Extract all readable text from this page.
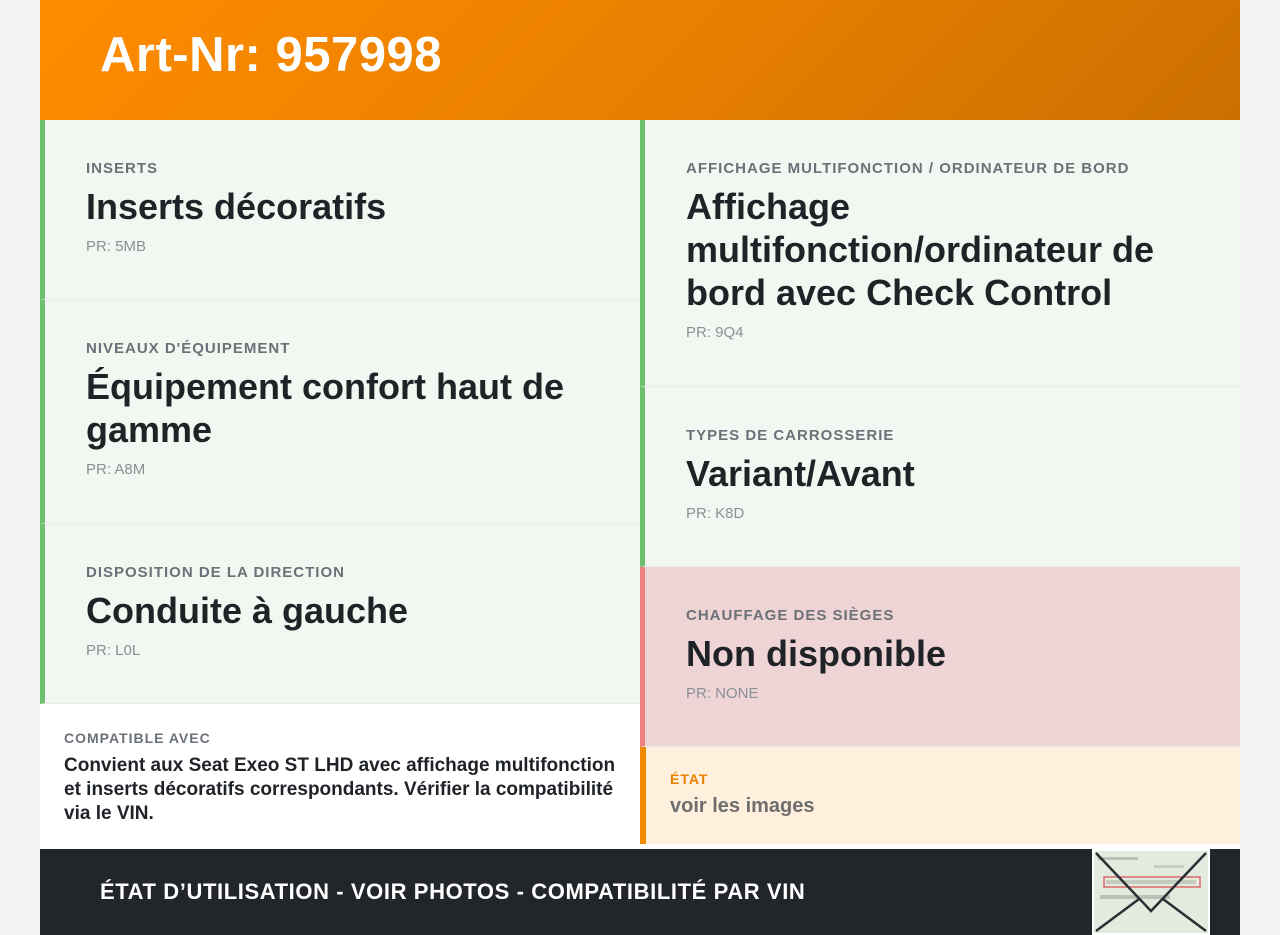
Art-Nr: 957998
INSERTS
Inserts décoratifs
PR: 5MB
NIVEAUX D'ÉQUIPEMENT
Équipement confort haut de gamme
PR: A8M
DISPOSITION DE LA DIRECTION
Conduite à gauche
PR: L0L
COMPATIBLE AVEC
Convient aux Seat Exeo ST LHD avec affichage multifonction et inserts décoratifs correspondants. Vérifier la compatibilité via le VIN.
AFFICHAGE MULTIFONCTION / ORDINATEUR DE BORD
Affichage multifonction/ordinateur de bord avec Check Control
PR: 9Q4
TYPES DE CARROSSERIE
Variant/Avant
PR: K8D
CHAUFFAGE DES SIÈGES
Non disponible
PR: NONE
ÉTAT
voir les images
ÉTAT D’UTILISATION - VOIR PHOTOS - COMPATIBILITÉ PAR VIN
